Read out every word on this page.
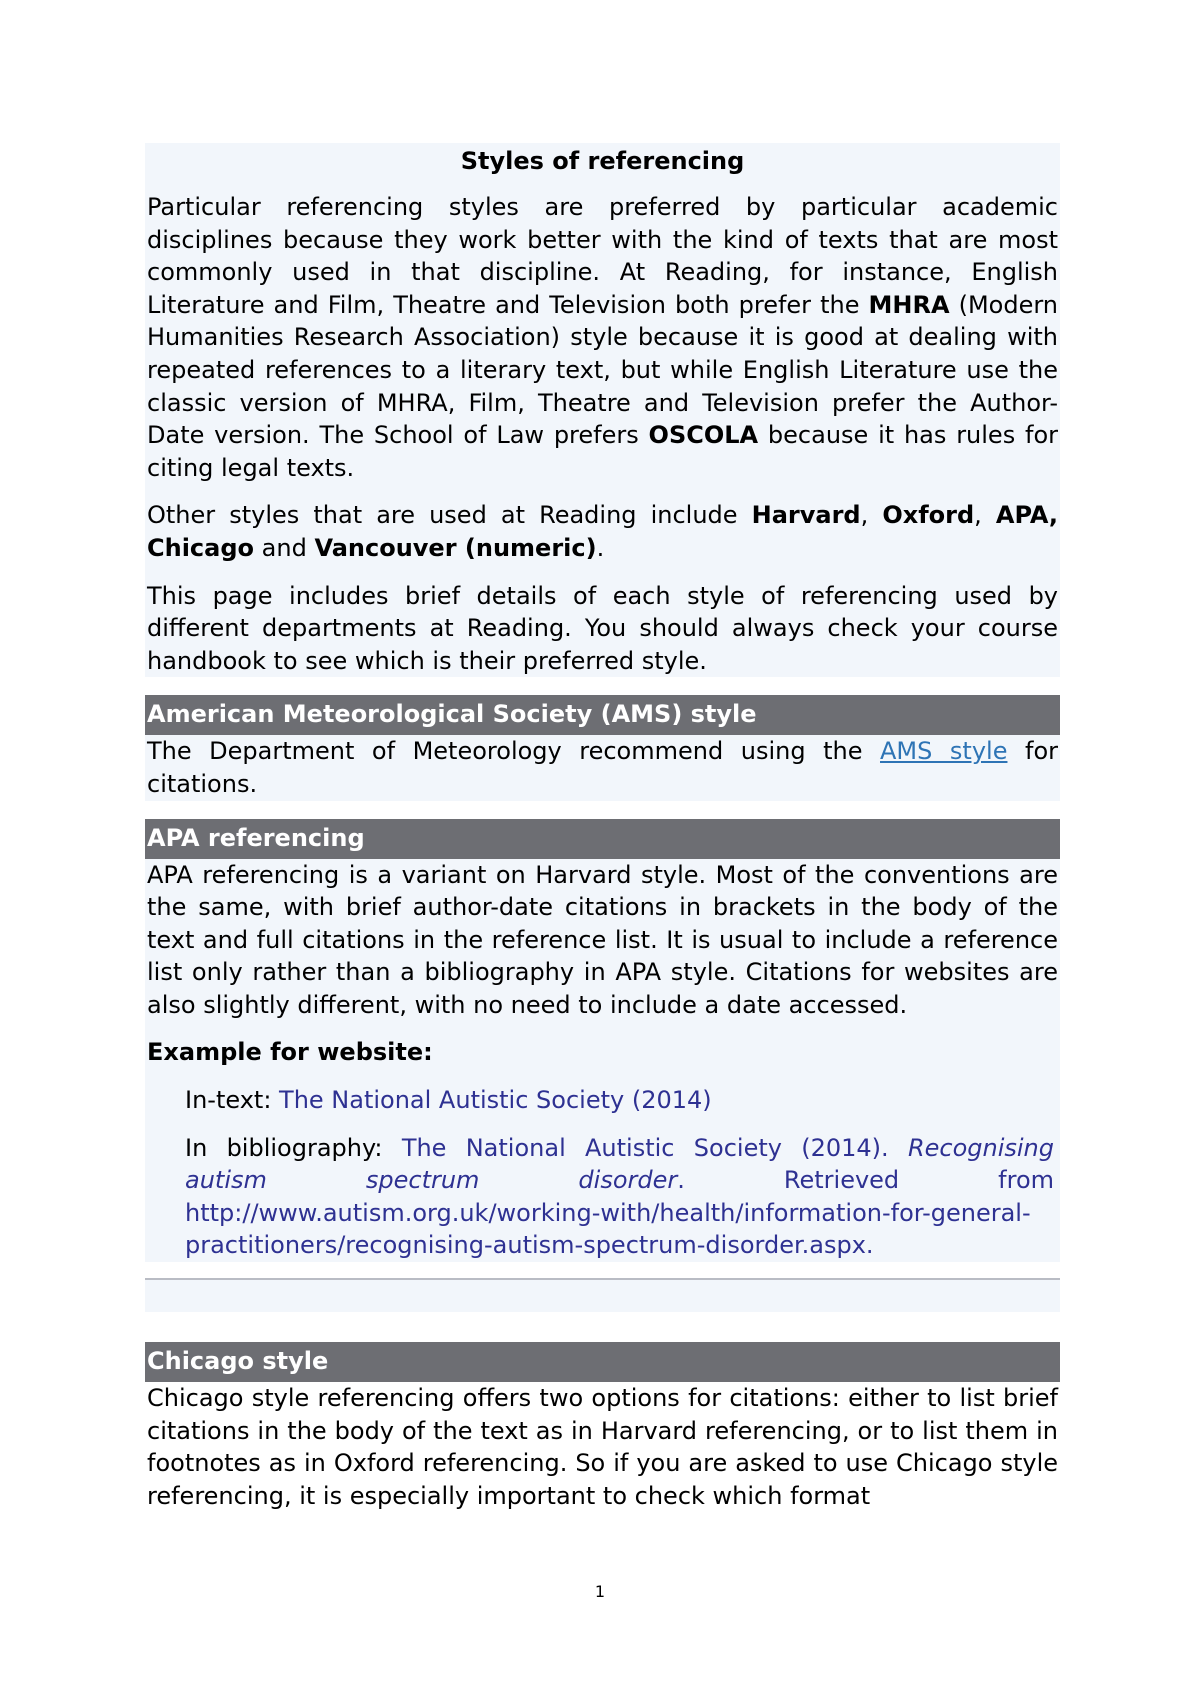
Styles of referencing

Particular referencing styles are preferred by particular academic disciplines because they work better with the kind of texts that are most commonly used in that discipline. At Reading, for instance, English Literature and Film, Theatre and Television both prefer the MHRA (Modern Humanities Research Association) style because it is good at dealing with repeated references to a literary text, but while English Literature use the classic version of MHRA, Film, Theatre and Television prefer the Author-Date version. The School of Law prefers OSCOLA because it has rules for citing legal texts.

Other styles that are used at Reading include Harvard, Oxford, APA, Chicago and Vancouver (numeric).

This page includes brief details of each style of referencing used by different departments at Reading. You should always check your course handbook to see which is their preferred style.

American Meteorological Society (AMS) style

The Department of Meteorology recommend using the AMS style for citations.

APA referencing

APA referencing is a variant on Harvard style. Most of the conventions are the same, with brief author-date citations in brackets in the body of the text and full citations in the reference list. It is usual to include a reference list only rather than a bibliography in APA style. Citations for websites are also slightly different, with no need to include a date accessed.

Example for website:

In-text: The National Autistic Society (2014)

In bibliography: The National Autistic Society (2014). Recognising autism spectrum disorder. Retrieved from http://www.autism.org.uk/working-with/health/information-for-general-practitioners/recognising-autism-spectrum-disorder.aspx.

Chicago style

Chicago style referencing offers two options for citations: either to list brief citations in the body of the text as in Harvard referencing, or to list them in footnotes as in Oxford referencing. So if you are asked to use Chicago style referencing, it is especially important to check which format

1
